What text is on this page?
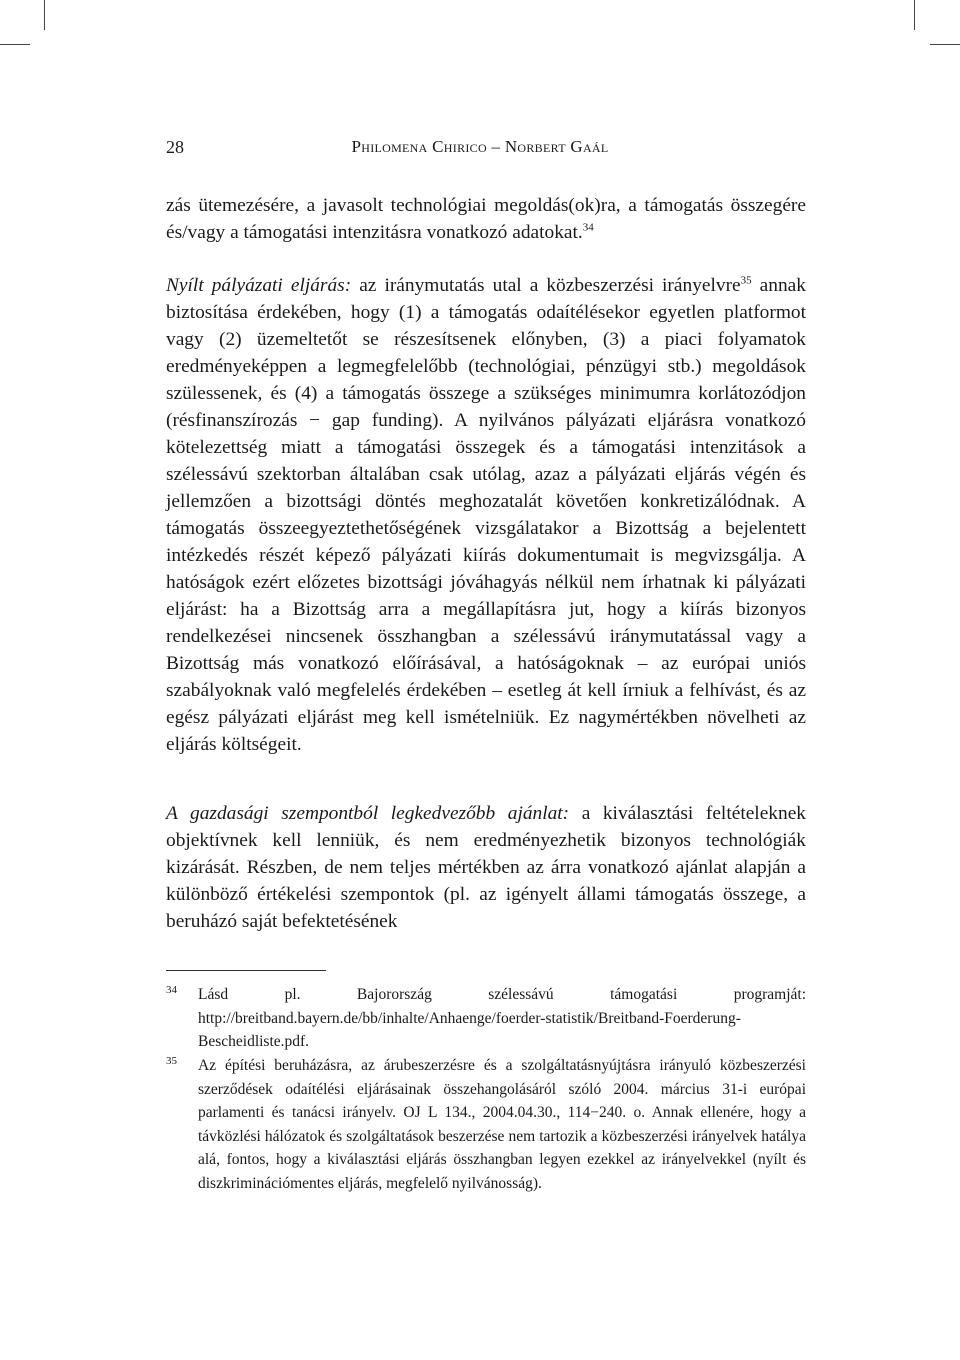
28	Philomena Chirico – Norbert Gaál

zás ütemezésére, a javasolt technológiai megoldás(ok)ra, a támogatás összegére és/vagy a támogatási intenzitásra vonatkozó adatokat.$^{34}$

Nyílt pályázati eljárás: az iránymutatás utal a közbeszerzési irányelvre$^{35}$ annak biztosítása érdekében, hogy (1) a támogatás odaítélésekor egyetlen platformot vagy (2) üzemeltetőt se részesítsenek előnyben, (3) a piaci folyamatok eredményeképpen a legmegfelelőbb (technológiai, pénzügyi stb.) megoldások szülessenek, és (4) a támogatás összege a szükséges minimumra korlátozódjon (résfinanszírozás − gap funding). A nyilvános pályázati eljárásra vonatkozó kötelezettség miatt a támogatási összegek és a támogatási intenzitások a szélessávú szektorban általában csak utólag, azaz a pályázati eljárás végén és jellemzően a bizottsági döntés meghozatalát követően konkretizálódnak. A támogatás összeegyeztethetőségének vizsgálatakor a Bizottság a bejelentett intézkedés részét képező pályázati kiírás dokumentumait is megvizsgálja. A hatóságok ezért előzetes bizottsági jóváhagyás nélkül nem írhatnak ki pályázati eljárást: ha a Bizottság arra a megállapításra jut, hogy a kiírás bizonyos rendelkezései nincsenek összhangban a szélessávú iránymutatással vagy a Bizottság más vonatkozó előírásával, a hatóságoknak – az európai uniós szabályoknak való megfelelés érdekében – esetleg át kell írniuk a felhívást, és az egész pályázati eljárást meg kell ismételniük. Ez nagymértékben növelheti az eljárás költségeit.

A gazdasági szempontból legkedvezőbb ajánlat: a kiválasztási feltételeknek objektívnek kell lenniük, és nem eredményezhetik bizonyos technológiák kizárását. Részben, de nem teljes mértékben az árra vonatkozó ajánlat alapján a különböző értékelési szempontok (pl. az igényelt állami támogatás összege, a beruházó saját befektetésének

34 Lásd pl. Bajorország szélessávú támogatási programját: http://breitband.bayern.de/bb/inhalte/Anhaenge/foerder-statistik/Breitband-Foerderung-Bescheidliste.pdf.
35 Az építési beruházásra, az árubeszerzésre és a szolgáltatásnyújtásra irányuló közbeszerzési szerződések odaítélési eljárásainak összehangolásáról szóló 2004. március 31-i európai parlamenti és tanácsi irányelv. OJ L 134., 2004.04.30., 114−240. o. Annak ellenére, hogy a távközlési hálózatok és szolgáltatások beszerzése nem tartozik a közbeszerzési irányelvek hatálya alá, fontos, hogy a kiválasztási eljárás összhangban legyen ezekkel az irányelvekkel (nyílt és diszkriminációmentes eljárás, megfelelő nyilvánosság).
